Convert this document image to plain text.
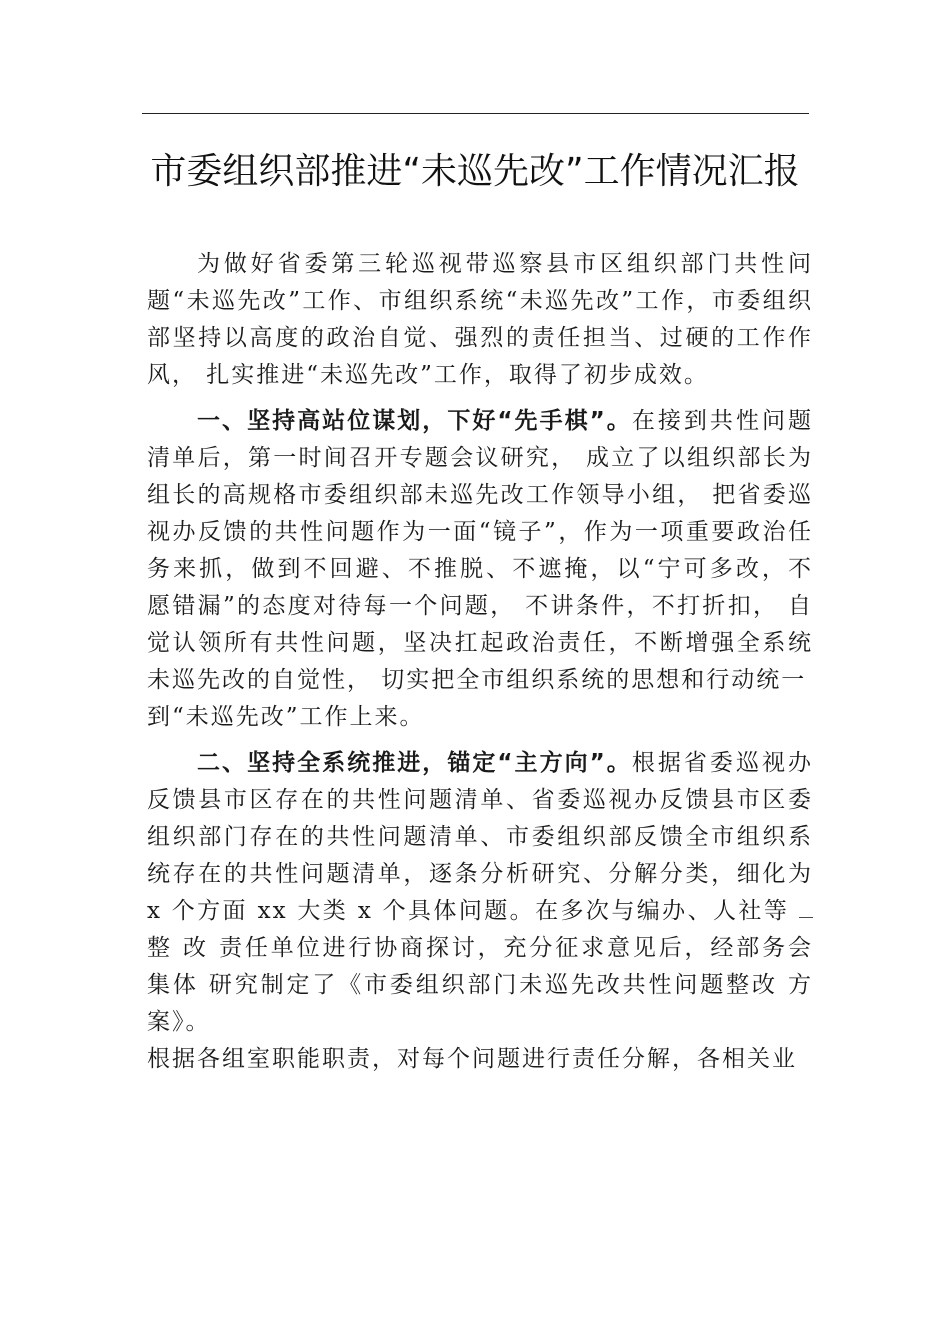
市委组织部推进“未巡先改”工作情况汇报

为做好省委第三轮巡视带巡察县市区组织部门共性问题“未巡先改”工作、市组织系统“未巡先改”工作，市委组织部坚持以高度的政治自觉、强烈的责任担当、过硬的工作作风， 扎实推进“未巡先改”工作，取得了初步成效。

一、坚持高站位谋划，下好“先手棋”。在接到共性问题 清单后，第一时间召开专题会议研究， 成立了以组织部长为 组长的高规格市委组织部未巡先改工作领导小组， 把省委巡 视办反馈的共性问题作为一面“镜子”，作为一项重要政治任 务来抓，做到不回避、不推脱、不遮掩，以“宁可多改，不 愿错漏”的态度对待每一个问题， 不讲条件，不打折扣， 自 觉认领所有共性问题，坚决扛起政治责任，不断增强全系统 未巡先改的自觉性， 切实把全市组织系统的思想和行动统一

到“未巡先改”工作上来。

二、坚持全系统推进，锚定“主方向”。根据省委巡视办反馈县市区存在的共性问题清单、省委巡视办反馈县市区委组织部门存在的共性问题清单、市委组织部反馈全市组织系统存在的共性问题清单，逐条分析研究、分解分类，细化为 x 个方面 xx 大类 x 个具体问题。在多次与编办、人社等 整 改 责任单位进行协商探讨，充分征求意见后，经部务会集体 研究制定了《市委组织部门未巡先改共性问题整改 方案》。

根据各组室职能职责，对每个问题进行责任分解，各相关业
